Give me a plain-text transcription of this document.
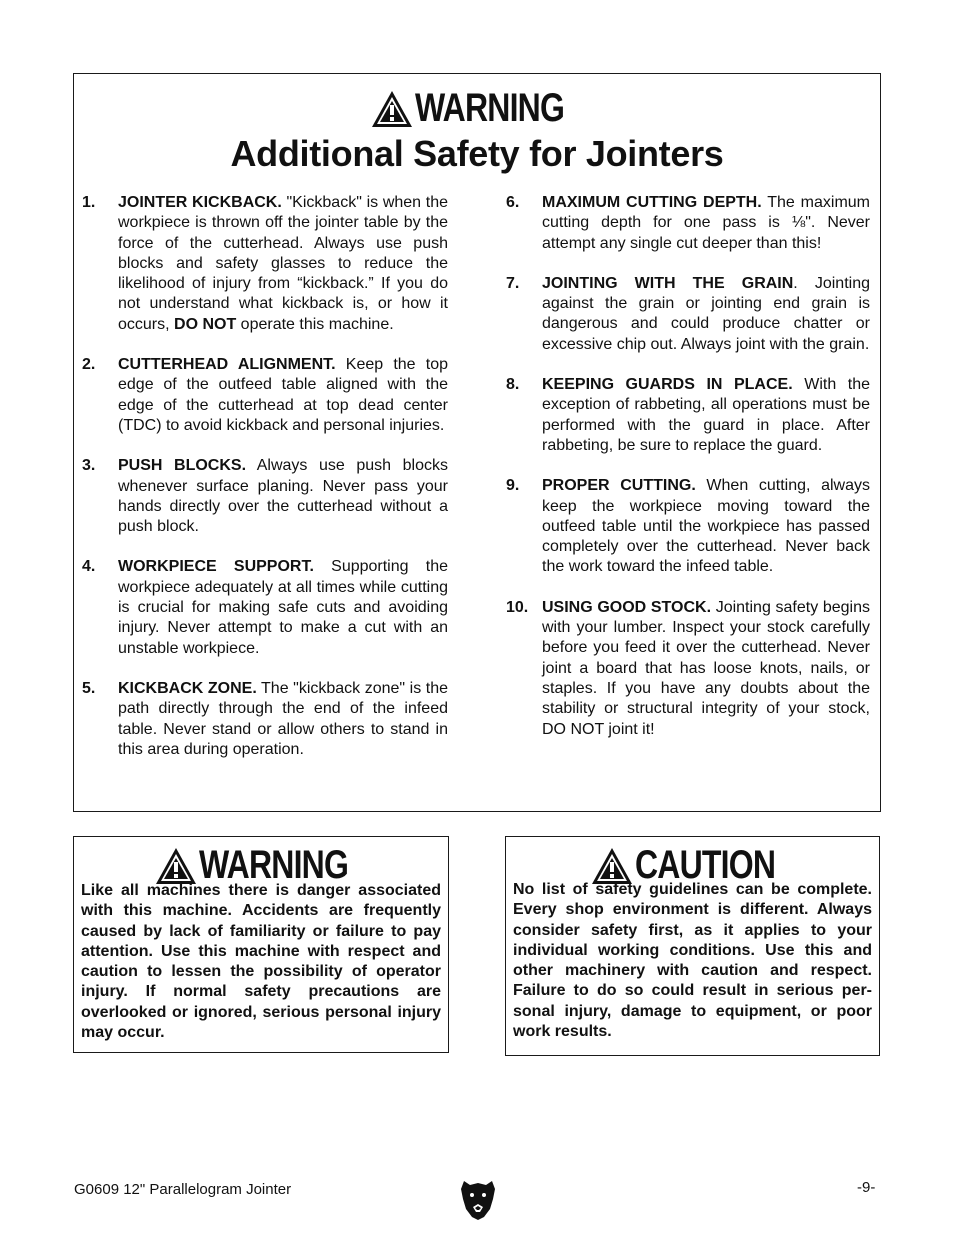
WARNING
Additional Safety for Jointers
1. JOINTER KICKBACK. "Kickback" is when the workpiece is thrown off the jointer table by the force of the cutterhead. Always use push blocks and safety glasses to reduce the likelihood of injury from “kickback.” If you do not understand what kickback is, or how it occurs, DO NOT operate this machine.
2. CUTTERHEAD ALIGNMENT. Keep the top edge of the outfeed table aligned with the edge of the cutterhead at top dead center (TDC) to avoid kickback and personal injuries.
3. PUSH BLOCKS. Always use push blocks whenever surface planing. Never pass your hands directly over the cutterhead without a push block.
4. WORKPIECE SUPPORT. Supporting the workpiece adequately at all times while cutting is crucial for making safe cuts and avoiding injury. Never attempt to make a cut with an unstable workpiece.
5. KICKBACK ZONE. The "kickback zone" is the path directly through the end of the infeed table. Never stand or allow others to stand in this area during operation.
6. MAXIMUM CUTTING DEPTH. The maximum cutting depth for one pass is ⅛". Never attempt any single cut deeper than this!
7. JOINTING WITH THE GRAIN. Jointing against the grain or jointing end grain is dangerous and could produce chatter or excessive chip out. Always joint with the grain.
8. KEEPING GUARDS IN PLACE. With the exception of rabbeting, all operations must be performed with the guard in place. After rabbeting, be sure to replace the guard.
9. PROPER CUTTING. When cutting, always keep the workpiece moving toward the outfeed table until the workpiece has passed completely over the cutterhead. Never back the work toward the infeed table.
10. USING GOOD STOCK. Jointing safety begins with your lumber. Inspect your stock carefully before you feed it over the cutterhead. Never joint a board that has loose knots, nails, or staples. If you have any doubts about the stability or structural integrity of your stock, DO NOT joint it!
WARNING
Like all machines there is danger associated with this machine. Accidents are frequently caused by lack of familiarity or failure to pay attention. Use this machine with respect and caution to lessen the possibility of operator injury. If normal safety precautions are overlooked or ignored, serious personal injury may occur.
CAUTION
No list of safety guidelines can be complete. Every shop environment is different. Always consider safety first, as it applies to your individual working conditions. Use this and other machinery with caution and respect. Failure to do so could result in serious personal injury, damage to equipment, or poor work results.
G0609 12" Parallelogram Jointer	-9-
